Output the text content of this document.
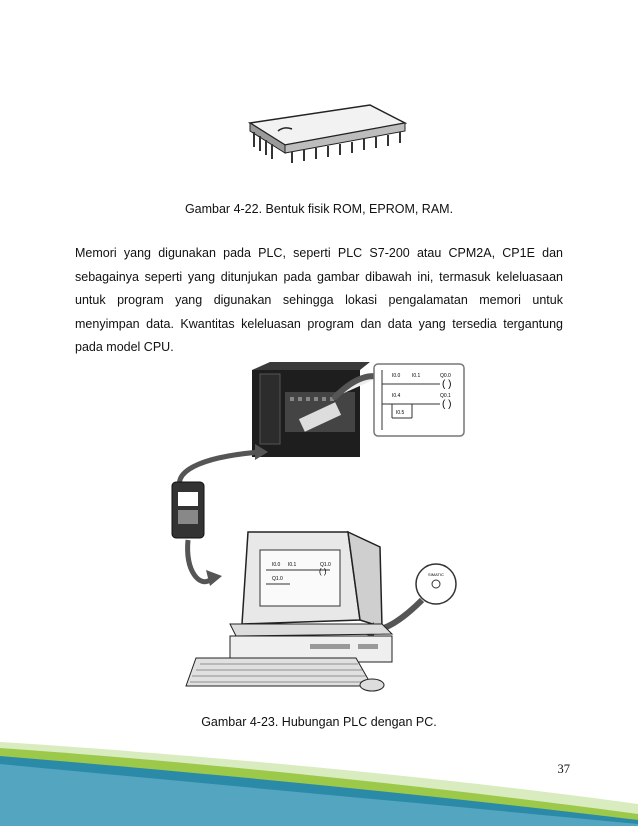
Gambar 4-22. Bentuk fisik ROM, EPROM, RAM.

Memori yang digunakan pada PLC, seperti PLC S7-200 atau CPM2A, CP1E dan sebagainya seperti yang ditunjukan pada gambar dibawah ini, termasuk keleluasaan untuk program yang digunakan sehingga lokasi pengalamatan memori untuk menyimpan data. Kwantitas keleluasan program dan data yang tersedia tergantung pada model CPU.

I0.0 I0.1
I0.4
I0.5
Q0.0
Q0.1
( )
( )
I0.0 I0.1
Q1.0
Q1.0
( )	SIMATIC
Gambar 4-23. Hubungan PLC dengan PC.
37
